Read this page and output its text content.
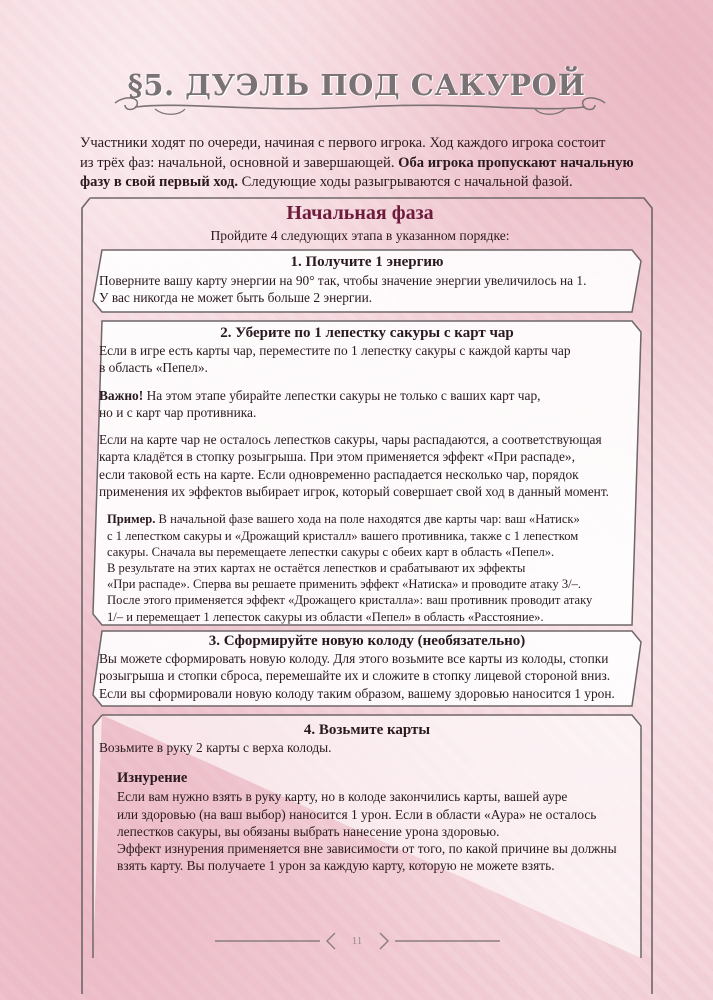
§5. ДУЭЛЬ ПОД САКУРОЙ
Участники ходят по очереди, начиная с первого игрока. Ход каждого игрока состоит
из трёх фаз: начальной, основной и завершающей. Оба игрока пропускают начальную
фазу в свой первый ход. Следующие ходы разыгрываются с начальной фазой.
Начальная фаза
Пройдите 4 следующих этапа в указанном порядке:
1. Получите 1 энергию
Поверните вашу карту энергии на 90° так, чтобы значение энергии увеличилось на 1.
У вас никогда не может быть больше 2 энергии.
2. Уберите по 1 лепестку сакуры с карт чар
Если в игре есть карты чар, переместите по 1 лепестку сакуры с каждой карты чар
в область «Пепел».
Важно! На этом этапе убирайте лепестки сакуры не только с ваших карт чар,
но и с карт чар противника.
Если на карте чар не осталось лепестков сакуры, чары распадаются, а соответствующая
карта кладётся в стопку розыгрыша. При этом применяется эффект «При распаде»,
если таковой есть на карте. Если одновременно распадается несколько чар, порядок
применения их эффектов выбирает игрок, который совершает свой ход в данный момент.
Пример. В начальной фазе вашего хода на поле находятся две карты чар: ваш «Натиск»
с 1 лепестком сакуры и «Дрожащий кристалл» вашего противника, также с 1 лепестком
сакуры. Сначала вы перемещаете лепестки сакуры с обеих карт в область «Пепел».
В результате на этих картах не остаётся лепестков и срабатывают их эффекты
«При распаде». Сперва вы решаете применить эффект «Натиска» и проводите атаку 3/–.
После этого применяется эффект «Дрожащего кристалла»: ваш противник проводит атаку
1/– и перемещает 1 лепесток сакуры из области «Пепел» в область «Расстояние».
3. Сформируйте новую колоду (необязательно)
Вы можете сформировать новую колоду. Для этого возьмите все карты из колоды, стопки
розыгрыша и стопки сброса, перемешайте их и сложите в стопку лицевой стороной вниз.
Если вы сформировали новую колоду таким образом, вашему здоровью наносится 1 урон.
4. Возьмите карты
Возьмите в руку 2 карты с верха колоды.
Изнурение
Если вам нужно взять в руку карту, но в колоде закончились карты, вашей ауре
или здоровью (на ваш выбор) наносится 1 урон. Если в области «Аура» не осталось
лепестков сакуры, вы обязаны выбрать нанесение урона здоровью.
Эффект изнурения применяется вне зависимости от того, по какой причине вы должны
взять карту. Вы получаете 1 урон за каждую карту, которую не можете взять.
11
